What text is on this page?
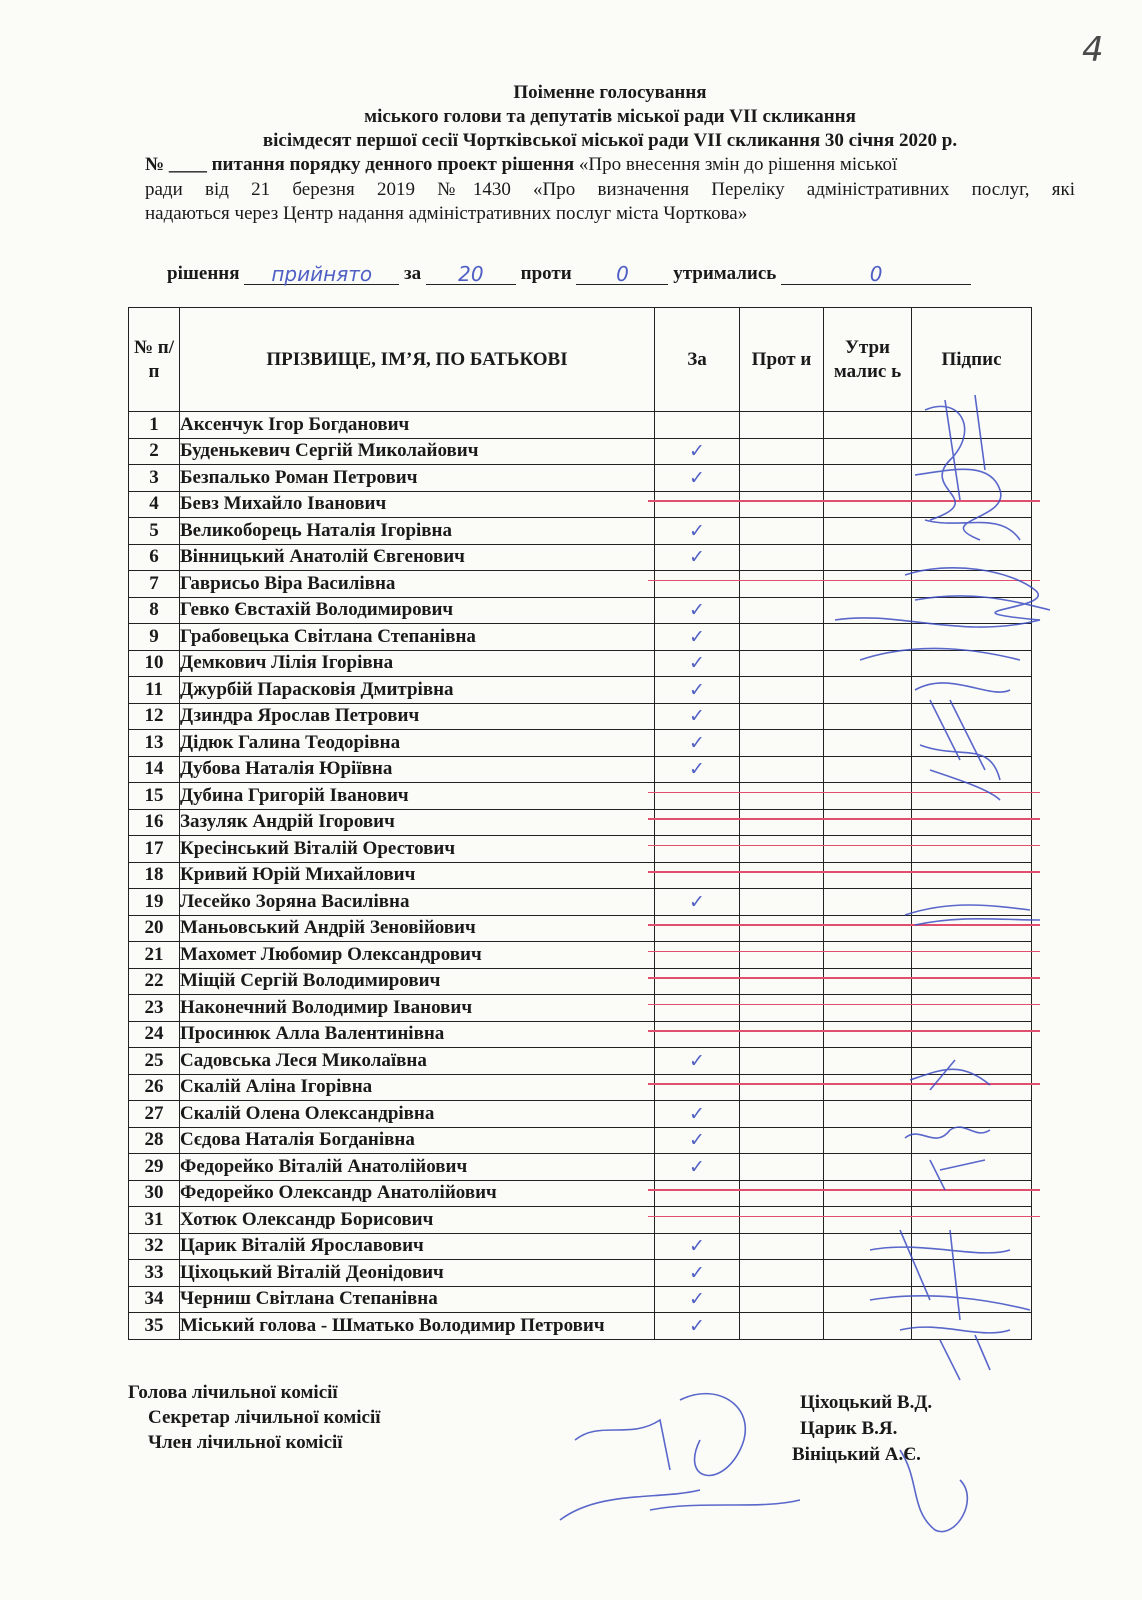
4
Поіменне голосування
міського голови та депутатів міської ради VII скликання
вісімдесят першої сесії Чортківської міської ради VII скликання 30 січня 2020 р.
№ ____ питання порядку денного проект рішення «Про внесення змін до рішення міської
ради від 21 березня 2019 №1430 «Про визначення Переліку адміністративних послуг, які
надаються через Центр надання адміністративних послуг міста Чорткова»
рішення прийнято за 20 проти 0 утримались	0
№ п/п	ПРІЗВИЩЕ, ІМ’Я, ПО БАТЬКОВІ	За	Прот и	Утри малис ь	Підпис
1	Аксенчук Ігор Богданович				
2	Буденькевич Сергій Миколайович	✓			
3	Безпалько Роман Петрович	✓			
4	Бевз Михайло Іванович				
5	Великоборець Наталія Ігорівна	✓			
6	Вінницький Анатолій Євгенович	✓			
7	Гаврисьо Віра Василівна				
8	Гевко Євстахій Володимирович	✓			
9	Грабовецька Світлана Степанівна	✓			
10	Демкович Лілія Ігорівна	✓			
11	Джурбій Парасковія Дмитрівна	✓			
12	Дзиндра Ярослав Петрович	✓			
13	Дідюк Галина Теодорівна	✓			
14	Дубова Наталія Юріївна	✓			
15	Дубина Григорій Іванович				
16	Зазуляк Андрій Ігорович				
17	Кресінський Віталій Орестович				
18	Кривий Юрій Михайлович				
19	Лесейко Зоряна Василівна	✓			
20	Маньовський Андрій Зеновійович				
21	Махомет Любомир Олександрович				
22	Міщій Сергій Володимирович				
23	Наконечний Володимир Іванович				
24	Просинюк Алла Валентинівна				
25	Садовська Леся Миколаївна	✓			
26	Скалій Аліна Ігорівна				
27	Скалій Олена Олександрівна	✓			
28	Сєдова Наталія Богданівна	✓			
29	Федорейко Віталій Анатолійович	✓			
30	Федорейко Олександр Анатолійович				
31	Хотюк Олександр Борисович				
32	Царик Віталій Ярославович	✓			
33	Ціхоцький Віталій Деонідович	✓			
34	Черниш Світлана Степанівна	✓			
35	Міський голова - Шматько Володимир Петрович	✓			
Голова лічильної комісії
Секретар лічильної комісії
Член лічильної комісії
Ціхоцький В.Д.
Царик В.Я.
Вініцький А.Є.
